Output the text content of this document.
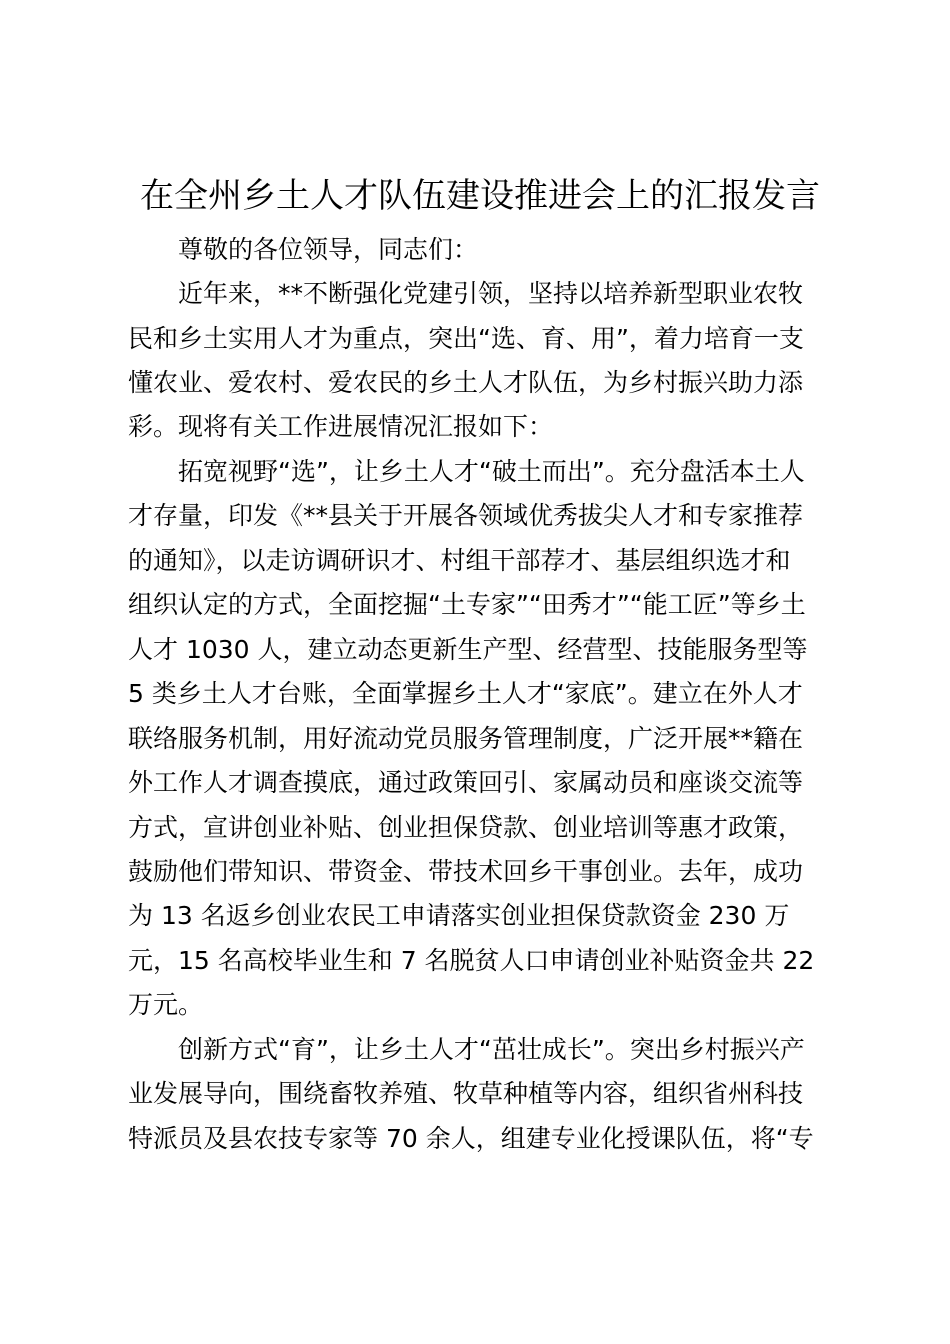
在全州乡土人才队伍建设推进会上的汇报发言
尊敬的各位领导，同志们：
近年来，**不断强化党建引领，坚持以培养新型职业农牧
民和乡土实用人才为重点，突出“选、育、用”，着力培育一支
懂农业、爱农村、爱农民的乡土人才队伍，为乡村振兴助力添
彩。现将有关工作进展情况汇报如下：
拓宽视野“选”，让乡土人才“破土而出”。充分盘活本土人
才存量，印发《**县关于开展各领域优秀拔尖人才和专家推荐
的通知》，以走访调研识才、村组干部荐才、基层组织选才和
组织认定的方式，全面挖掘“土专家”“田秀才”“能工匠”等乡土
人才 1030 人，建立动态更新生产型、经营型、技能服务型等
5 类乡土人才台账，全面掌握乡土人才“家底”。建立在外人才
联络服务机制，用好流动党员服务管理制度，广泛开展**籍在
外工作人才调查摸底，通过政策回引、家属动员和座谈交流等
方式，宣讲创业补贴、创业担保贷款、创业培训等惠才政策，
鼓励他们带知识、带资金、带技术回乡干事创业。去年，成功
为 13 名返乡创业农民工申请落实创业担保贷款资金 230 万
元，15 名高校毕业生和 7 名脱贫人口申请创业补贴资金共 22
万元。
创新方式“育”，让乡土人才“茁壮成长”。突出乡村振兴产
业发展导向，围绕畜牧养殖、牧草种植等内容，组织省州科技
特派员及县农技专家等 70 余人，组建专业化授课队伍，将“专
